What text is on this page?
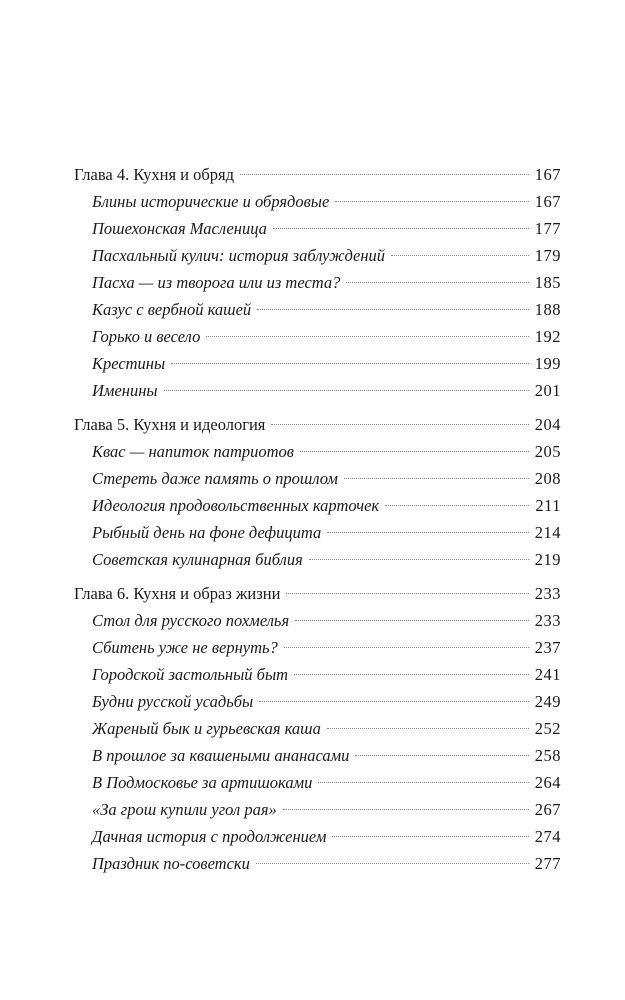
Глава 4. Кухня и обряд	167
Блины исторические и обрядовые	167
Пошехонская Масленица	177
Пасхальный кулич: история заблуждений	179
Пасха — из творога или из теста?	185
Казус с вербной кашей	188
Горько и весело	192
Крестины	199
Именины	201
Глава 5. Кухня и идеология	204
Квас — напиток патриотов	205
Стереть даже память о прошлом	208
Идеология продовольственных карточек	211
Рыбный день на фоне дефицита	214
Советская кулинарная библия	219
Глава 6. Кухня и образ жизни	233
Стол для русского похмелья	233
Сбитень уже не вернуть?	237
Городской застольный быт	241
Будни русской усадьбы	249
Жареный бык и гурьевская каша	252
В прошлое за квашеными ананасами	258
В Подмосковье за артишоками	264
«За грош купили угол рая»	267
Дачная история с продолжением	274
Праздник по-советски	277
